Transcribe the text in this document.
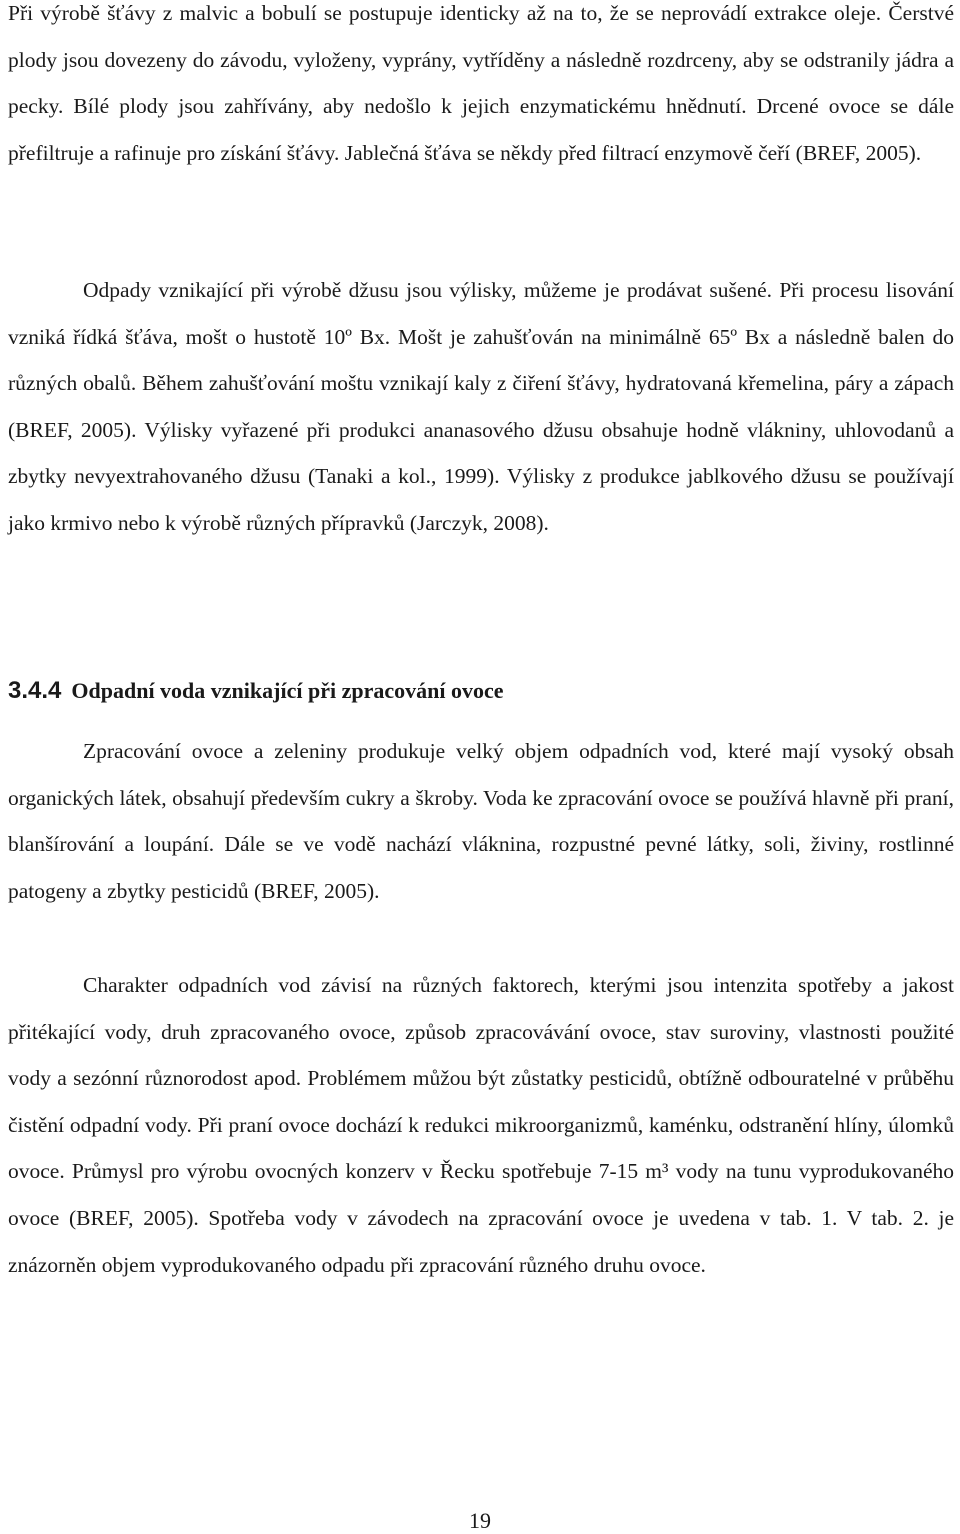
Při výrobě šťávy z malvic a bobulí se postupuje identicky až na to, že se neprovádí extrakce oleje. Čerstvé plody jsou dovezeny do závodu, vyloženy, vyprány, vytříděny a následně rozdrceny, aby se odstranily jádra a pecky. Bílé plody jsou zahřívány, aby nedošlo k jejich enzymatickému hnědnutí. Drcené ovoce se dále přefiltruje a rafinuje pro získání šťávy. Jablečná šťáva se někdy před filtrací enzymově čeří (BREF, 2005).

Odpady vznikající při výrobě džusu jsou výlisky, můžeme je prodávat sušené. Při procesu lisování vzniká řídká šťáva, mošt o hustotě 10º Bx. Mošt je zahušťován na minimálně 65º Bx a následně balen do různých obalů. Během zahušťování moštu vznikají kaly z čiření šťávy, hydratovaná křemelina, páry a zápach (BREF, 2005). Výlisky vyřazené při produkci ananasového džusu obsahuje hodně vlákniny, uhlovodanů a zbytky nevyextrahovaného džusu (Tanaki a kol., 1999). Výlisky z produkce jablkového džusu se používají jako krmivo nebo k výrobě různých přípravků (Jarczyk, 2008).

3.4.4 Odpadní voda vznikající při zpracování ovoce

Zpracování ovoce a zeleniny produkuje velký objem odpadních vod, které mají vysoký obsah organických látek, obsahují především cukry a škroby. Voda ke zpracování ovoce se používá hlavně při praní, blanšírování a loupání. Dále se ve vodě nachází vláknina, rozpustné pevné látky, soli, živiny, rostlinné patogeny a zbytky pesticidů (BREF, 2005).

Charakter odpadních vod závisí na různých faktorech, kterými jsou intenzita spotřeby a jakost přitékající vody, druh zpracovaného ovoce, způsob zpracovávání ovoce, stav suroviny, vlastnosti použité vody a sezónní různorodost apod. Problémem můžou být zůstatky pesticidů, obtížně odbouratelné v průběhu čistění odpadní vody. Při praní ovoce dochází k redukci mikroorganizmů, kaménku, odstranění hlíny, úlomků ovoce. Průmysl pro výrobu ovocných konzerv v Řecku spotřebuje 7-15 m³ vody na tunu vyprodukovaného ovoce (BREF, 2005). Spotřeba vody v závodech na zpracování ovoce je uvedena v tab. 1. V tab. 2. je znázorněn objem vyprodukovaného odpadu při zpracování různého druhu ovoce.

19
